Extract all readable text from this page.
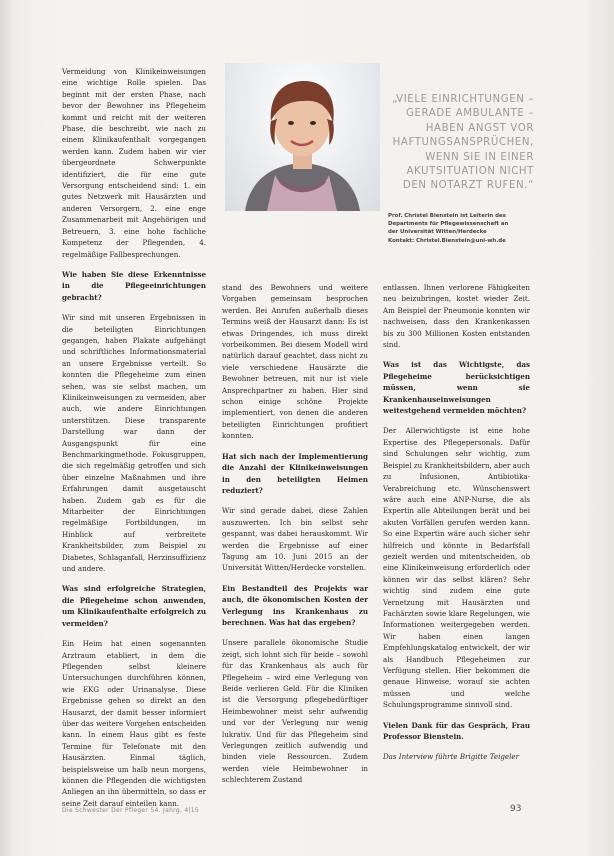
Vermeidung von Klinikeinweisungen eine wichtige Rolle spielen. Das beginnt mit der ersten Phase, nach bevor der Bewohner ins Pflegeheim kommt und reicht mit der weiteren Phase, die beschreibt, wie nach zu einem Klinikaufenthalt vorgegangen werden kann. Zudem haben wir vier übergeordnete Schwerpunkte identifiziert, die für eine gute Versorgung entscheidend sind: 1. ein gutes Netzwerk mit Hausärzten und anderen Versorgern, 2. eine enge Zusammenarbeit mit Angehörigen und Betreuern, 3. eine hohe fachliche Kompetenz der Pflegenden, 4. regelmäßige Fallbesprechungen.

Wie haben Sie diese Erkenntnisse in die Pflegeeinrichtungen gebracht?

Wir sind mit unseren Ergebnissen in die beteiligten Einrichtungen gegangen, haben Plakate aufgehängt und schriftliches Informationsmaterial an unsere Ergebnisse verteilt. So konnten die Pflegeheime zum einen sehen, was sie selbst machen, um Klinikeinweisungen zu vermeiden, aber auch, wie andere Einrichtungen unterstützen. Diese transparente Darstellung war dann der Ausgangspunkt für eine Benchmarkingmethode. Fokusgruppen, die sich regelmäßig getroffen und sich über einzelne Maßnahmen und ihre Erfahrungen damit ausgetauscht haben. Zudem gab es für die Mitarbeiter der Einrichtungen regelmäßige Fortbildungen, im Hinblick auf verbreitete Krankheitsbilder, zum Beispiel zu Diabetes, Schlaganfall, Herzinsuffizienz und andere.

Was sind erfolgreiche Strategien, die Pflegeheime schon anwenden, um Klinikaufenthalte erfolgreich zu vermeiden?

Ein Heim hat einen sogenannten Arztraum etabliert, in dem die Pflegenden selbst kleinere Untersuchungen durchführen können, wie EKG oder Urinanalyse. Diese Ergebnisse gehen so direkt an den Hausarzt, der damit besser informiert über das weitere Vorgehen entscheiden kann. In einem Haus gibt es feste Termine für Telefonate mit den Hausärzten. Einmal täglich, beispielsweise um halb neun morgens, können die Pflegenden die wichtigsten Anliegen an ihn übermitteln, so dass er seine Zeit darauf einteilen kann.

„VIELE EINRICHTUNGEN – GERADE AMBULANTE – HABEN ANGST VOR HAFTUNGSANSPRÜCHEN, WENN SIE IN EINER AKUTSITUATION NICHT DEN NOTARZT RUFEN.“
Prof. Christel Bienstein ist Leiterin des
Departments für Pflegewissenschaft an
der Universität Witten/Herdecke
Kontakt: Christel.Bienstein@uni-wh.de

stand des Bewohners und weitere Vorgaben gemeinsam besprochen werden. Bei Anrufen außerhalb dieses Termins weiß der Hausarzt dann: Es ist etwas Dringendes, ich muss direkt vorbeikommen. Bei diesem Modell wird natürlich darauf geachtet, dass nicht zu viele verschiedene Hausärzte die Bewohner betreuen, mit nur ist viele Ansprechpartner zu haben. Hier sind schon einige schöne Projekte implementiert, von denen die anderen beteiligten Einrichtungen profitiert konnten.

Hat sich nach der Implementierung die Anzahl der Klinikeinweisungen in den beteiligten Heimen reduziert?

Wir sind gerade dabei, diese Zahlen auszuwerten. Ich bin selbst sehr gespannt, was dabei herauskommt. Wir werden die Ergebnisse auf einer Tagung am 10. Juni 2015 an der Universität Witten/Herdecke vorstellen.

Ein Bestandteil des Projekts war auch, die ökonomischen Kosten der Verlegung ins Krankenhaus zu berechnen. Was hat das ergeben?

Unsere parallele ökonomische Studie zeigt, sich lohnt sich für beide – sowohl für das Krankenhaus als auch für Pflegeheim – wird eine Verlegung von Beide verlieren Geld. Für die Kliniken ist die Versorgung pflegebedürftiger Heimbewohner meist sehr aufwendig und vor der Verlegung nur wenig lukrativ. Und für das Pflegeheim sind Verlegungen zeitlich aufwendig und binden viele Ressourcen. Zudem werden viele Heimbewohner in schlechterem Zustand

entlassen. Ihnen verlorene Fähigkeiten neu beizubringen, kostet wieder Zeit. Am Beispiel der Pneumonie konnten wir nachweisen, dass den Krankenkassen bis zu 300 Millionen Kosten entstanden sind.

Was ist das Wichtigste, das Pflegeheime berücksichtigen müssen, wenn sie Krankenhauseinweisungen weitestgehend vermeiden möchten?

Der Allerwichtigste ist eine hohe Expertise des Pflegepersonals. Dafür sind Schulungen sehr wichtig, zum Beispiel zu Krankheitsbildern, aber auch zu Infusionen, Antibiotika-Verabreichung etc. Wünschenswert wäre auch eine ANP-Nurse, die als Expertin alle Abteilungen berät und bei akuten Vorfällen gerufen werden kann. So eine Expertin wäre auch sicher sehr hilfreich und könnte in Bedarfsfall gezielt werden und mitentscheiden, ob eine Klinikeinweisung erforderlich oder können wir das selbst klären? Sehr wichtig sind zudem eine gute Vernetzung mit Hausärzten und Fachärzten sowie klare Regelungen, wie Informationen weitergegeben werden. Wir haben einen langen Empfehlungskatalog entwickelt, der wir als Handbuch Pflegeheimen zur Verfügung stellen. Hier bekommen die genaue Hinweise, worauf sie achten müssen und welche Schulungsprogramme sinnvoll sind.

Vielen Dank für das Gespräch, Frau Professor Bienstein.

Das Interview führte Brigitte Teigeler

Die Schwester Der Pfleger 54. Jahrg. 4|15	93
